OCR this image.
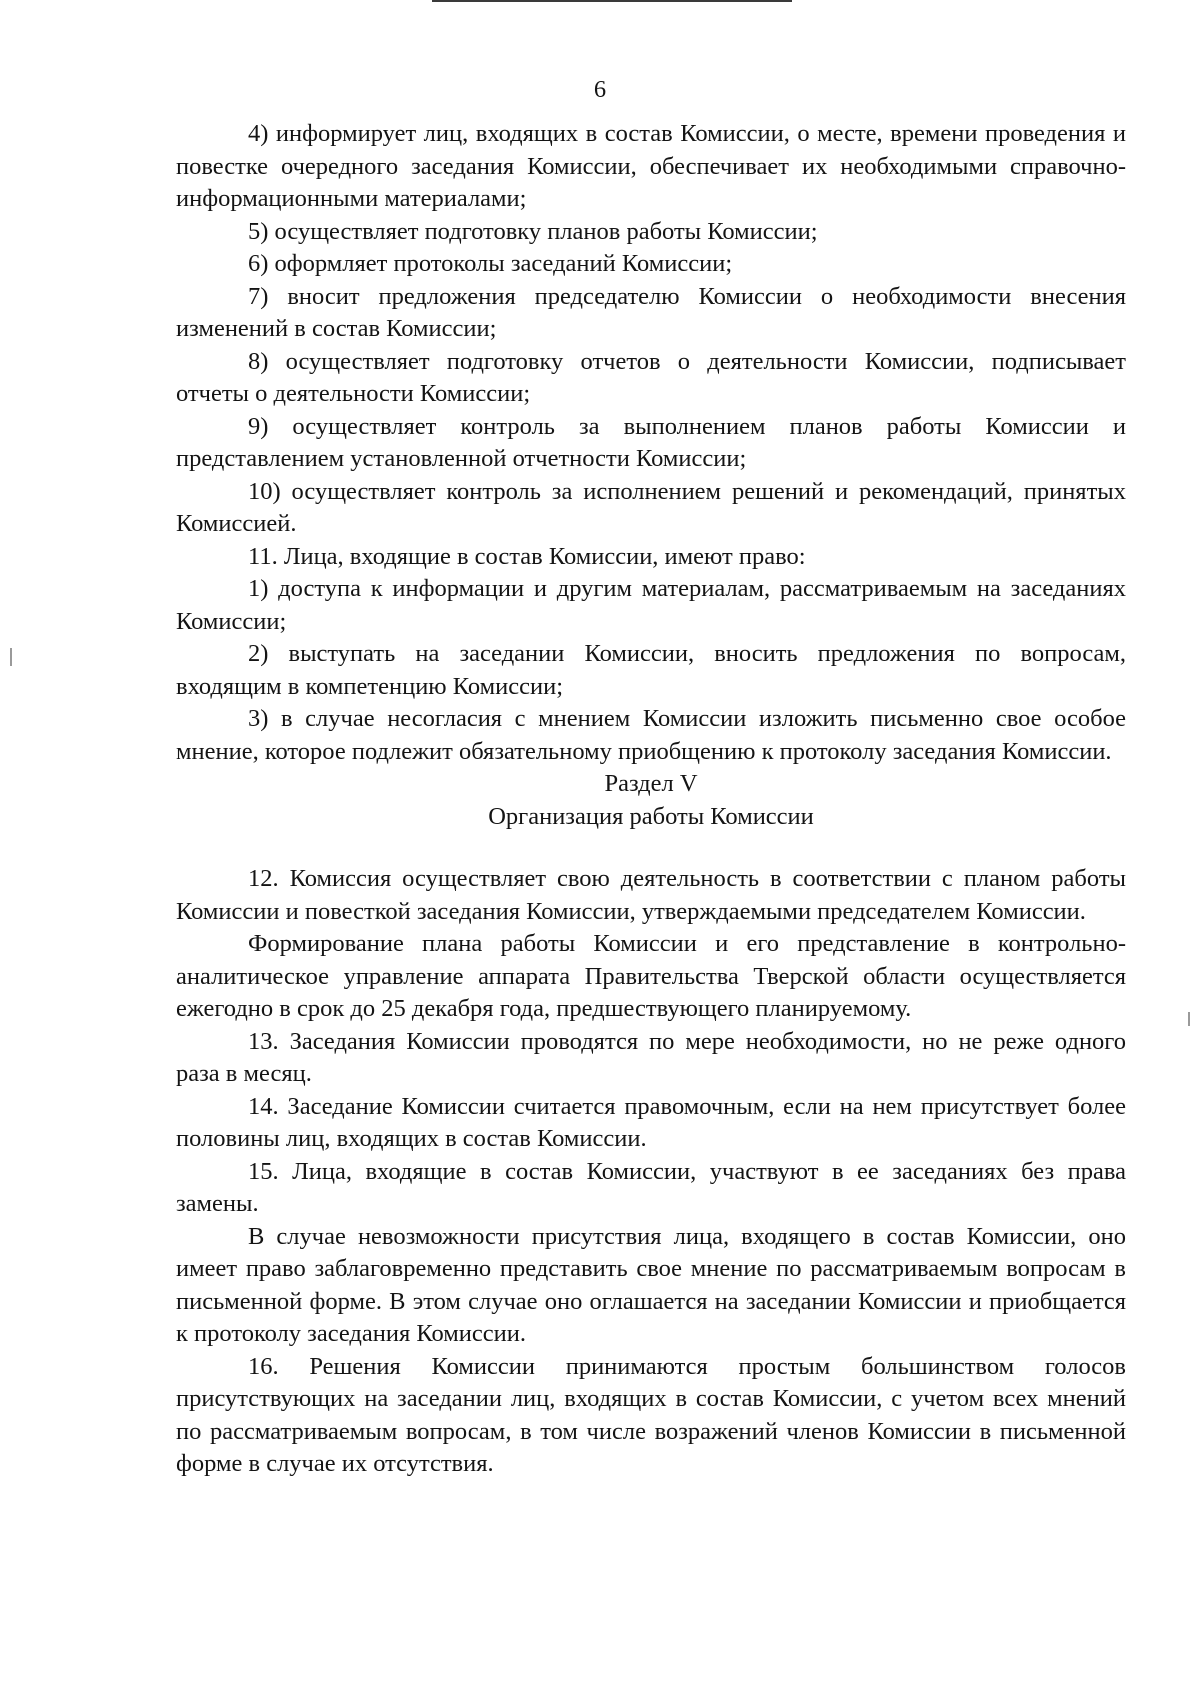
6

4) информирует лиц, входящих в состав Комиссии, о месте, времени проведения и повестке очередного заседания Комиссии, обеспечивает их необходимыми справочно-информационными материалами;

5) осуществляет подготовку планов работы Комиссии;

6) оформляет протоколы заседаний Комиссии;

7) вносит предложения председателю Комиссии о необходимости внесения изменений в состав Комиссии;

8) осуществляет подготовку отчетов о деятельности Комиссии, подписывает отчеты о деятельности Комиссии;

9) осуществляет контроль за выполнением планов работы Комиссии и представлением установленной отчетности Комиссии;

10) осуществляет контроль за исполнением решений и рекомендаций, принятых Комиссией.

11. Лица, входящие в состав Комиссии, имеют право:

1) доступа к информации и другим материалам, рассматриваемым на заседаниях Комиссии;

2) выступать на заседании Комиссии, вносить предложения по вопросам, входящим в компетенцию Комиссии;

3) в случае несогласия с мнением Комиссии изложить письменно свое особое мнение, которое подлежит обязательному приобщению к протоколу заседания Комиссии.

Раздел V

Организация работы Комиссии

12. Комиссия осуществляет свою деятельность в соответствии с планом работы Комиссии и повесткой заседания Комиссии, утверждаемыми председателем Комиссии.

Формирование плана работы Комиссии и его представление в контрольно-аналитическое управление аппарата Правительства Тверской области осуществляется ежегодно в срок до 25 декабря года, предшествующего планируемому.

13. Заседания Комиссии проводятся по мере необходимости, но не реже одного раза в месяц.

14. Заседание Комиссии считается правомочным, если на нем присутствует более половины лиц, входящих в состав Комиссии.

15. Лица, входящие в состав Комиссии, участвуют в ее заседаниях без права замены.

В случае невозможности присутствия лица, входящего в состав Комиссии, оно имеет право заблаговременно представить свое мнение по рассматриваемым вопросам в письменной форме. В этом случае оно оглашается на заседании Комиссии и приобщается к протоколу заседания Комиссии.

16. Решения Комиссии принимаются простым большинством голосов присутствующих на заседании лиц, входящих в состав Комиссии, с учетом всех мнений по рассматриваемым вопросам, в том числе возражений членов Комиссии в письменной форме в случае их отсутствия.
